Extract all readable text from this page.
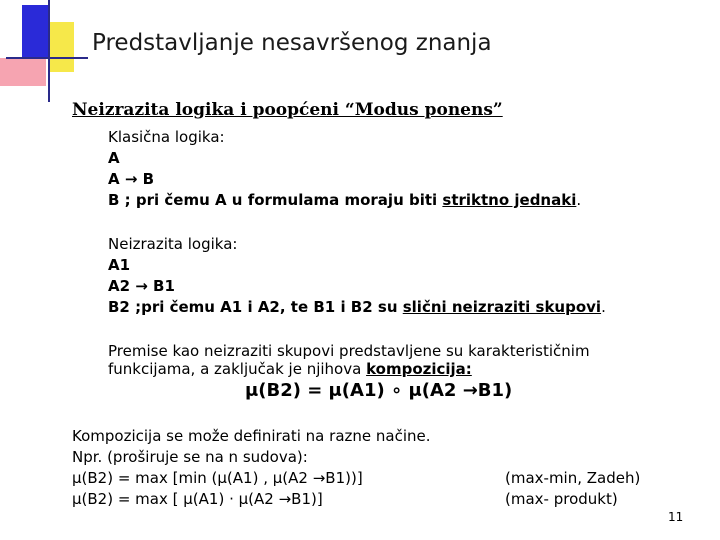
Predstavljanje nesavršenog znanja
Neizrazita logika i poopćeni “Modus ponens”
Klasična logika:
A
A → B
B ; pri čemu A u formulama moraju biti striktno jednaki.
Neizrazita logika:
A1
A2 → B1
B2 ;pri čemu A1 i A2, te B1 i B2 su slični neizraziti skupovi.
Premise kao neizraziti skupovi predstavljene su karakterističnim
funkcijama, a zaključak je njihova kompozicija:
μ(B2) = μ(A1) ∘ μ(A2 →B1)
Kompozicija se može definirati na razne načine.
Npr. (proširuje se na n sudova):
μ(B2) = max [min (μ(A1) , μ(A2 →B1))]
μ(B2) = max [ μ(A1) · μ(A2 →B1)]
(max-min, Zadeh)
(max- produkt)
11
